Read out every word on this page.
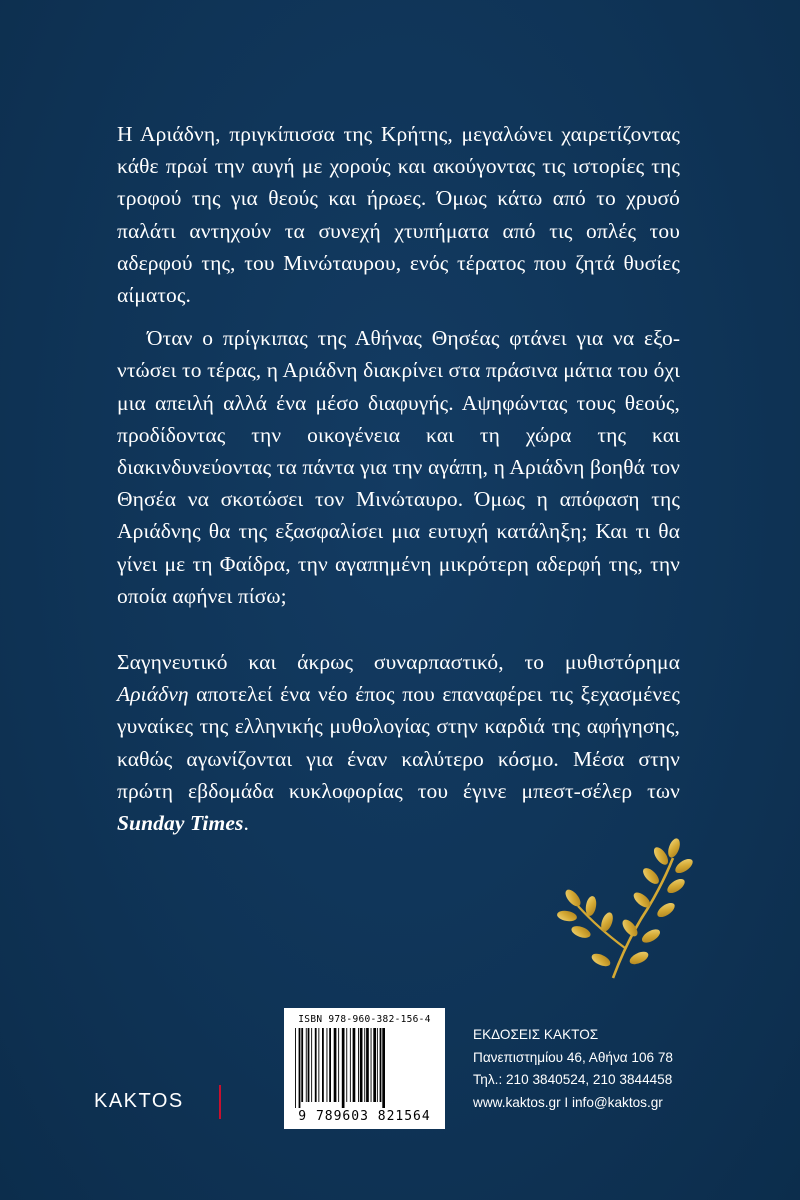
Η Αριάδνη, πριγκίπισσα της Κρήτης, μεγαλώνει χαιρετίζοντας κάθε πρωί την αυγή με χορούς και ακούγοντας τις ιστορίες της τροφού της για θεούς και ήρωες. Όμως κάτω από το χρυσό παλάτι αντηχούν τα συνεχή χτυπήματα από τις οπλές του αδερφού της, του Μινώταυρου, ενός τέρατος που ζητά θυσίες αίματος.

Όταν ο πρίγκιπας της Αθήνας Θησέας φτάνει για να εξοντώσει το τέρας, η Αριάδνη διακρίνει στα πράσινα μάτια του όχι μια απειλή αλλά ένα μέσο διαφυγής. Αψηφώντας τους θεούς, προδίδοντας την οικογένεια και τη χώρα της και διακινδυνεύοντας τα πάντα για την αγάπη, η Αριάδνη βοηθά τον Θησέα να σκοτώσει τον Μινώταυρο. Όμως η απόφαση της Αριάδνης θα της εξασφαλίσει μια ευτυχή κατάληξη; Και τι θα γίνει με τη Φαίδρα, την αγαπημένη μικρότερη αδερφή της, την οποία αφήνει πίσω;

Σαγηνευτικό και άκρως συναρπαστικό, το μυθιστόρημα Αριάδνη αποτελεί ένα νέο έπος που επαναφέρει τις ξεχασμένες γυναίκες της ελληνικής μυθολογίας στην καρδιά της αφήγησης, καθώς αγωνίζονται για έναν καλύτερο κόσμο. Μέσα στην πρώτη εβδομάδα κυκλοφορίας του έγινε μπεστ-σέλερ των Sunday Times.

ISBN 978-960-382-156-4
9 789603 821564
ΕΚΔΟΣΕΙΣ ΚΑΚΤΟΣ
Πανεπιστημίου 46, Αθήνα 106 78
Τηλ.: 210 3840524, 210 3844458
www.kaktos.gr I info@kaktos.gr
KAKTOS
